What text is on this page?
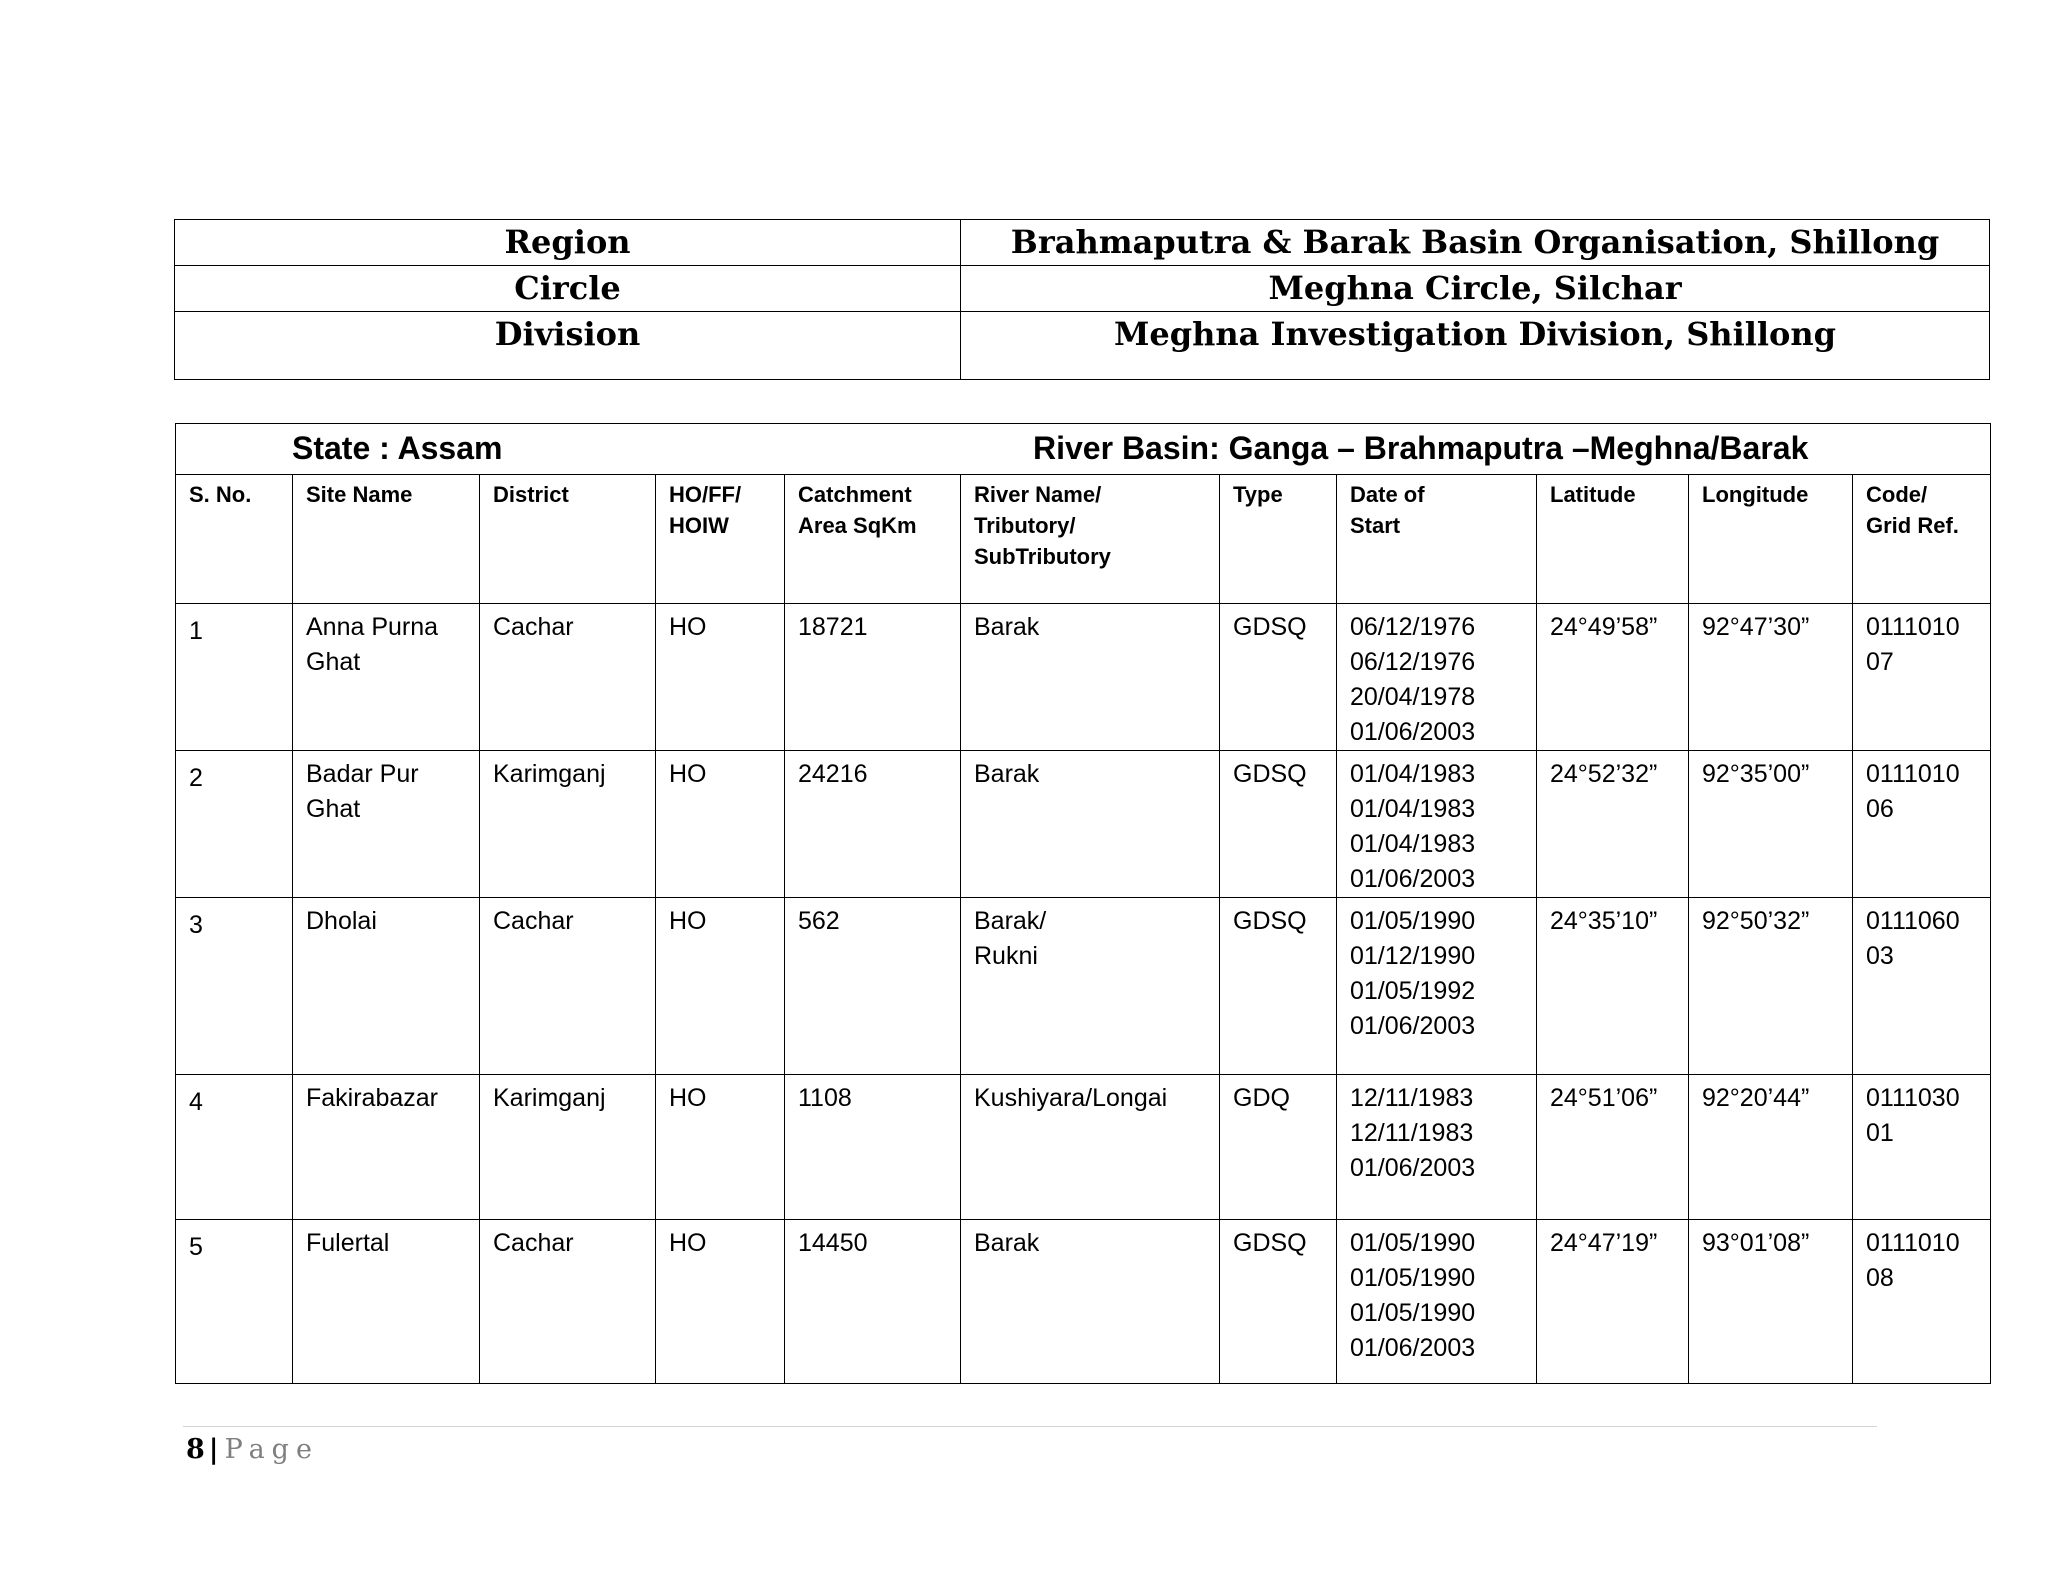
Region	Brahmaputra & Barak Basin Organisation, Shillong
Circle	Meghna Circle, Silchar
Division	Meghna Investigation Division, Shillong
State : Assam River Basin: Ganga – Brahmaputra –Meghna/Barak										

S. No.	Site Name	District	HO/FF/
HOIW	Catchment
Area SqKm	River Name/
Tributory/
SubTributory	Type	Date of
Start	Latitude	Longitude	Code/
Grid Ref.

1	Anna Purna
Ghat	Cachar	HO	18721	Barak	GDSQ	06/12/1976
06/12/1976
20/04/1978
01/06/2003	24°49’58”	92°47’30”	0111010
07

2	Badar Pur
Ghat	Karimganj	HO	24216	Barak	GDSQ	01/04/1983
01/04/1983
01/04/1983
01/06/2003	24°52’32”	92°35’00”	0111010
06

3	Dholai	Cachar	HO	562	Barak/
Rukni	GDSQ	01/05/1990
01/12/1990
01/05/1992
01/06/2003	24°35’10”	92°50’32”	0111060
03

4	Fakirabazar	Karimganj	HO	1108	Kushiyara/Longai	GDQ	12/11/1983
12/11/1983
01/06/2003	24°51’06”	92°20’44”	0111030
01

5	Fulertal	Cachar	HO	14450	Barak	GDSQ	01/05/1990
01/05/1990
01/05/1990
01/06/2003	24°47’19”	93°01’08”	0111010
08
8 | Page
